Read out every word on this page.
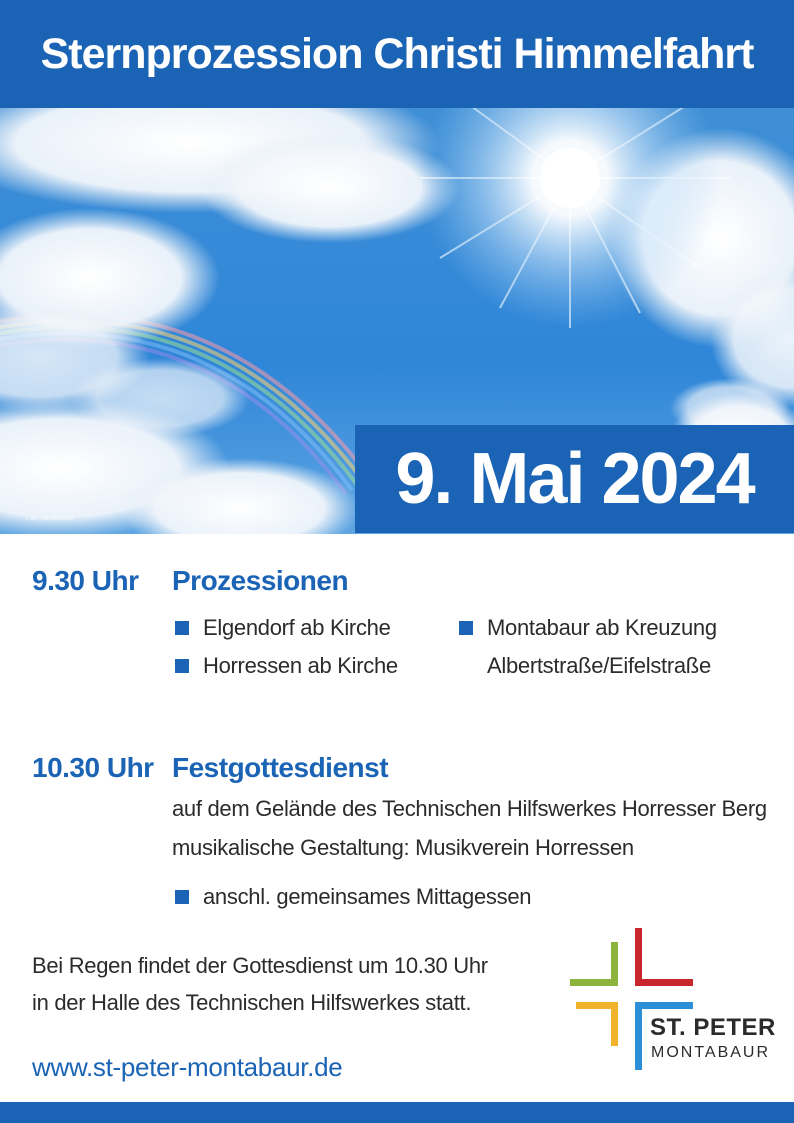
Sternprozession Christi Himmelfahrt
Foto: AdobeStock	9. Mai 2024
9.30 Uhr Prozessionen
Elgendorf ab Kirche
Horressen ab Kirche
Montabaur ab Kreuzung
Albertstraße/Eifelstraße
10.30 Uhr Festgottesdienst
auf dem Gelände des Technischen Hilfswerkes Horresser Berg
musikalische Gestaltung: Musikverein Horressen
anschl. gemeinsames Mittagessen
Bei Regen findet der Gottesdienst um 10.30 Uhr
in der Halle des Technischen Hilfswerkes statt.
www.st-peter-montabaur.de
ST. PETER
MONTABAUR
